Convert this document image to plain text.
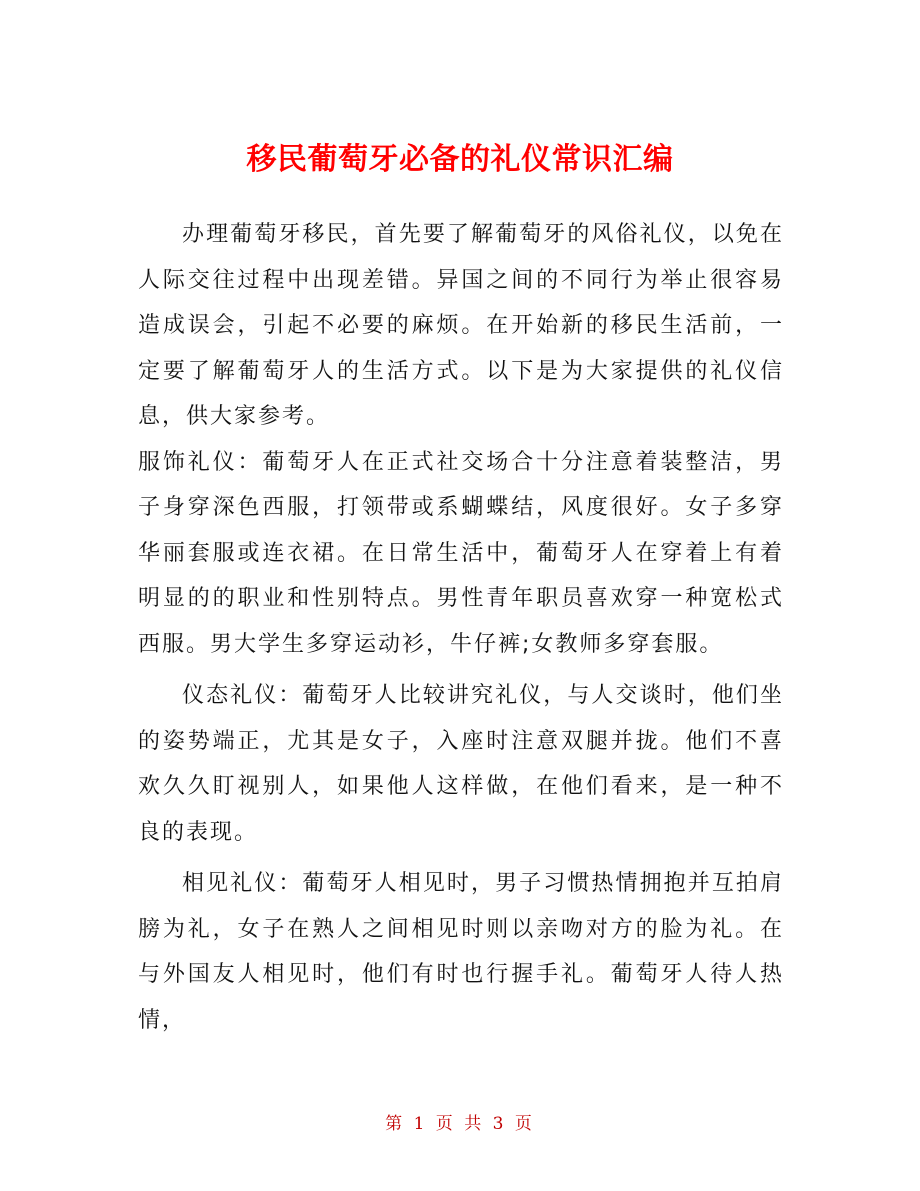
移民葡萄牙必备的礼仪常识汇编

办理葡萄牙移民，首先要了解葡萄牙的风俗礼仪，以免在人际交往过程中出现差错。异国之间的不同行为举止很容易造成误会，引起不必要的麻烦。在开始新的移民生活前，一定要了解葡萄牙人的生活方式。以下是为大家提供的礼仪信息，供大家参考。

服饰礼仪：葡萄牙人在正式社交场合十分注意着装整洁，男子身穿深色西服，打领带或系蝴蝶结，风度很好。女子多穿华丽套服或连衣裙。在日常生活中，葡萄牙人在穿着上有着明显的的职业和性别特点。男性青年职员喜欢穿一种宽松式西服。男大学生多穿运动衫，牛仔裤;女教师多穿套服。

仪态礼仪：葡萄牙人比较讲究礼仪，与人交谈时，他们坐的姿势端正，尤其是女子，入座时注意双腿并拢。他们不喜欢久久盯视别人，如果他人这样做，在他们看来，是一种不良的表现。

相见礼仪：葡萄牙人相见时，男子习惯热情拥抱并互拍肩膀为礼，女子在熟人之间相见时则以亲吻对方的脸为礼。在与外国友人相见时，他们有时也行握手礼。葡萄牙人待人热情，

第 1 页 共 3 页
